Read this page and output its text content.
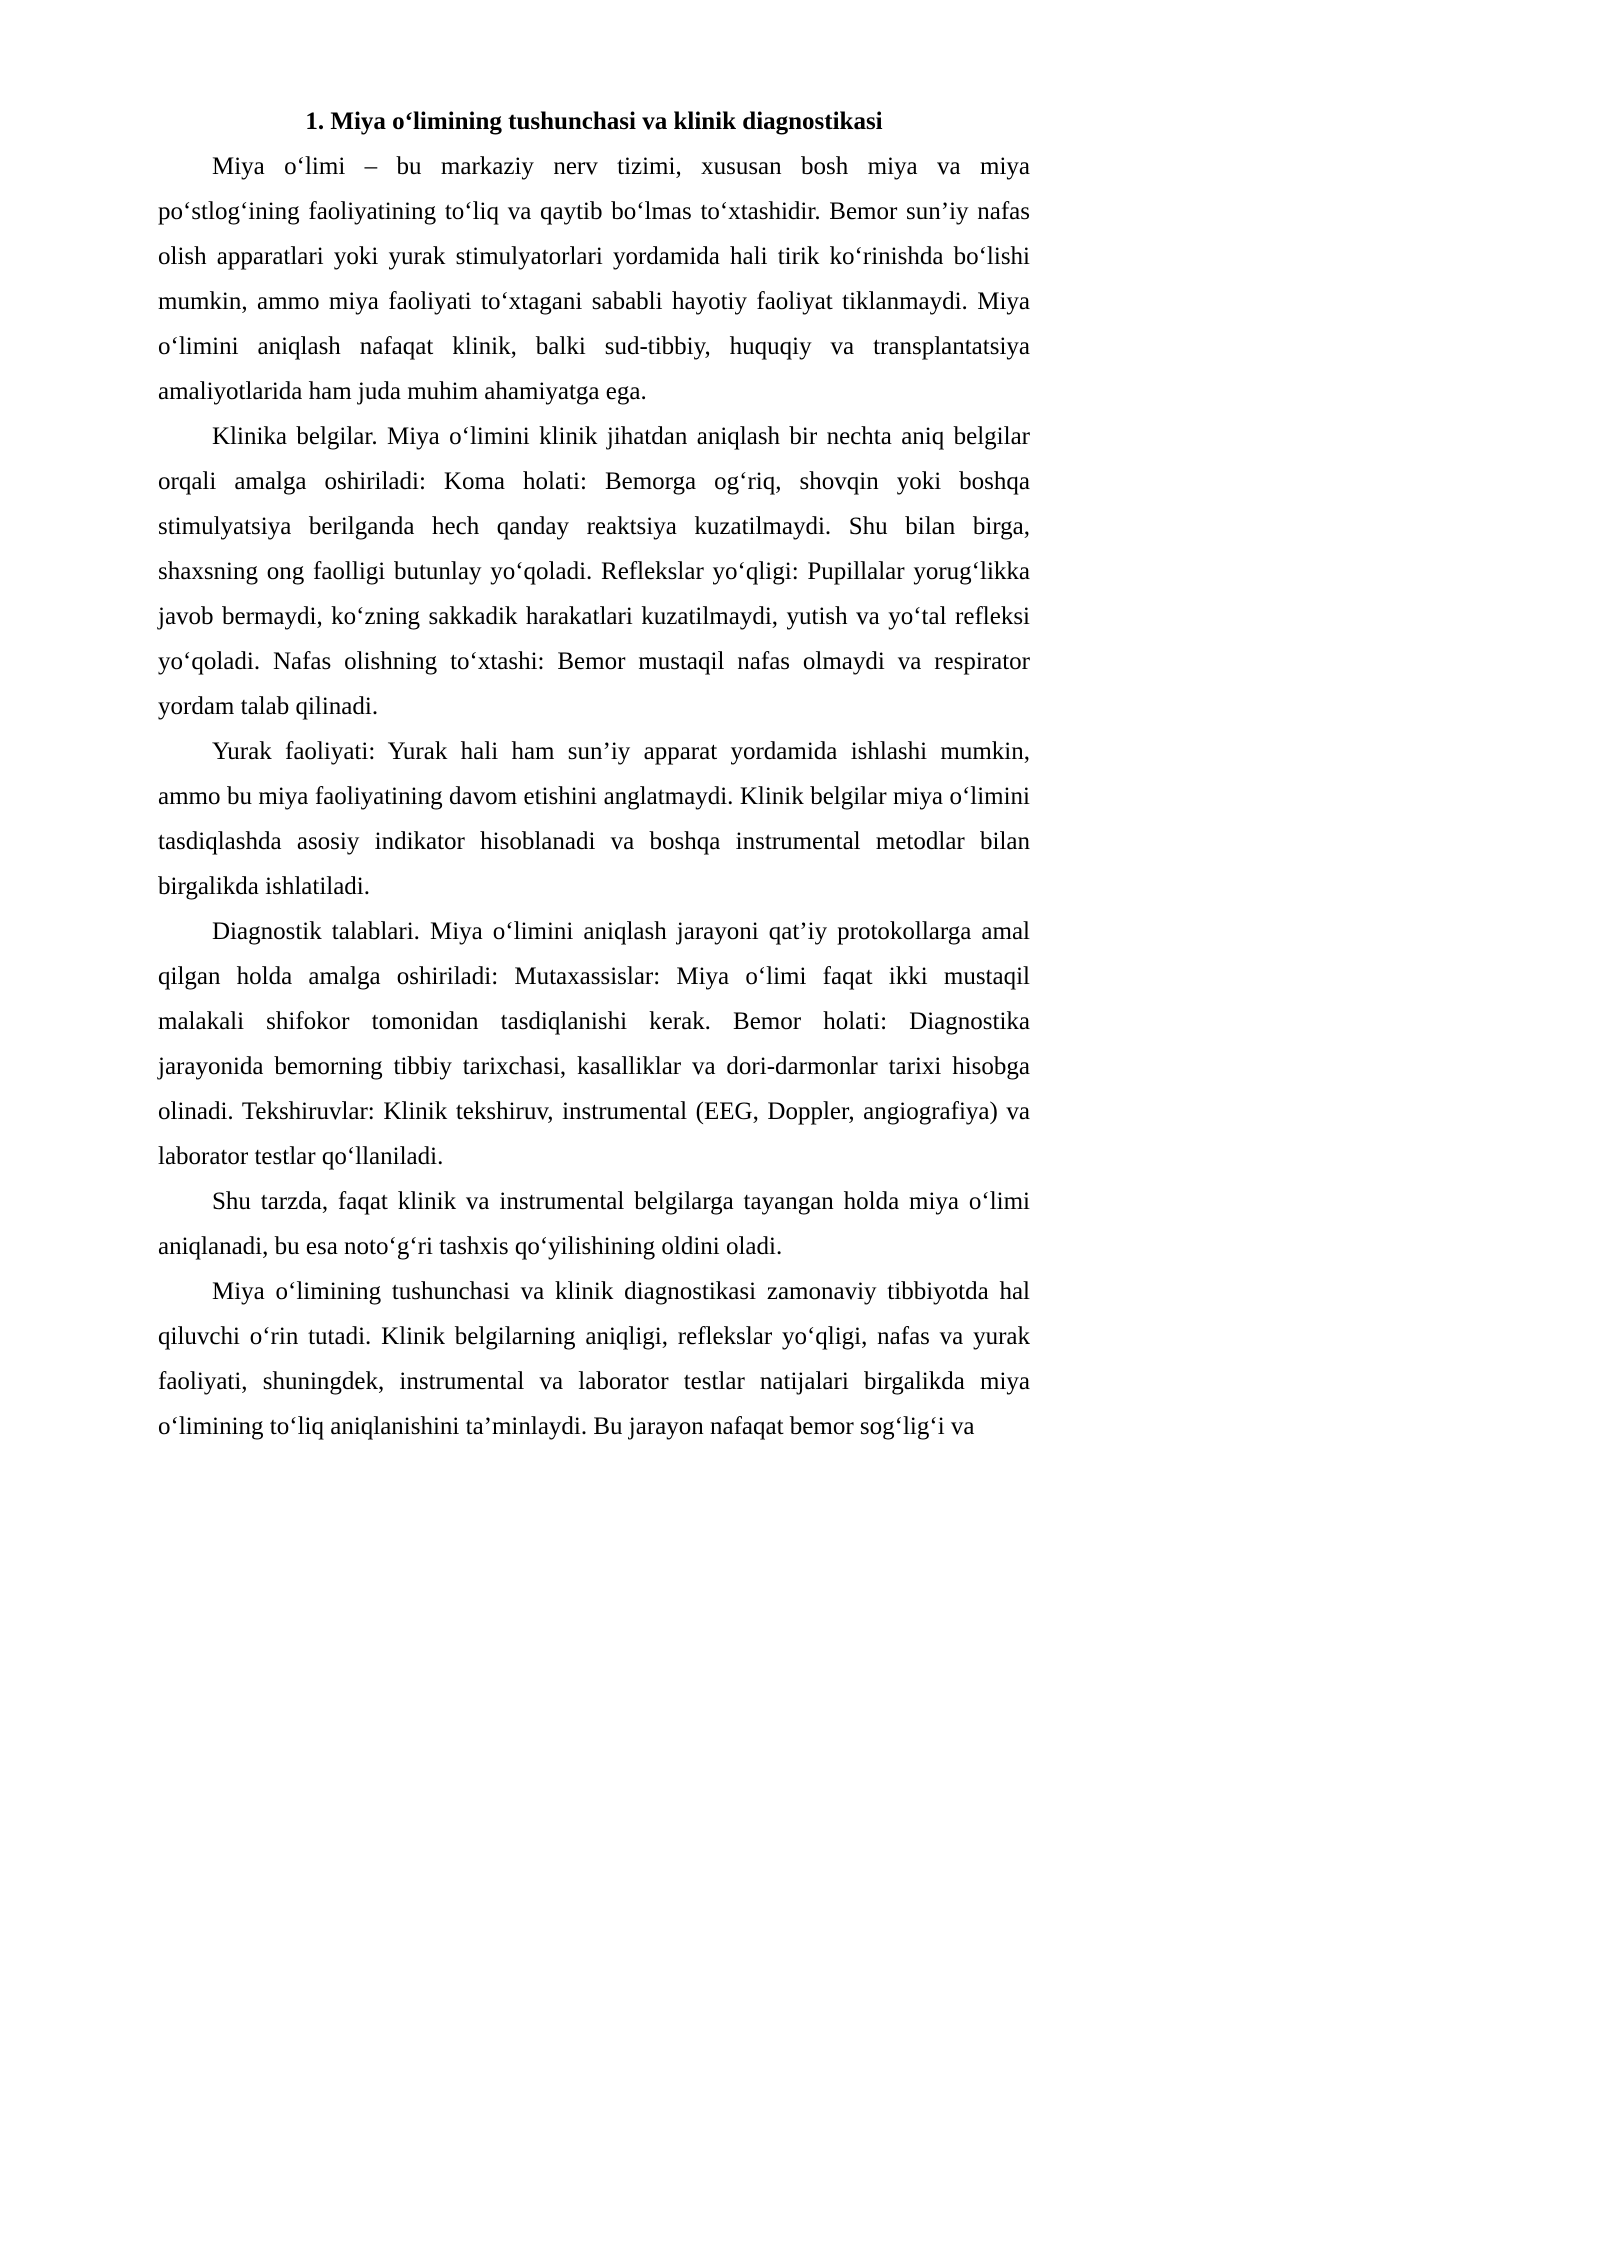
1. Miya o‘limining tushunchasi va klinik diagnostikasi

Miya o‘limi – bu markaziy nerv tizimi, xususan bosh miya va miya po‘stlog‘ining faoliyatining to‘liq va qaytib bo‘lmas to‘xtashidir. Bemor sun’iy nafas olish apparatlari yoki yurak stimulyatorlari yordamida hali tirik ko‘rinishda bo‘lishi mumkin, ammo miya faoliyati to‘xtagani sababli hayotiy faoliyat tiklanmaydi. Miya o‘limini aniqlash nafaqat klinik, balki sud-tibbiy, huquqiy va transplantatsiya amaliyotlarida ham juda muhim ahamiyatga ega.

Klinika belgilar. Miya o‘limini klinik jihatdan aniqlash bir nechta aniq belgilar orqali amalga oshiriladi: Koma holati: Bemorga og‘riq, shovqin yoki boshqa stimulyatsiya berilganda hech qanday reaktsiya kuzatilmaydi. Shu bilan birga, shaxsning ong faolligi butunlay yo‘qoladi. Reflekslar yo‘qligi: Pupillalar yorug‘likka javob bermaydi, ko‘zning sakkadik harakatlari kuzatilmaydi, yutish va yo‘tal refleksi yo‘qoladi. Nafas olishning to‘xtashi: Bemor mustaqil nafas olmaydi va respirator yordam talab qilinadi.

Yurak faoliyati: Yurak hali ham sun’iy apparat yordamida ishlashi mumkin, ammo bu miya faoliyatining davom etishini anglatmaydi. Klinik belgilar miya o‘limini tasdiqlashda asosiy indikator hisoblanadi va boshqa instrumental metodlar bilan birgalikda ishlatiladi.

Diagnostik talablari. Miya o‘limini aniqlash jarayoni qat’iy protokollarga amal qilgan holda amalga oshiriladi: Mutaxassislar: Miya o‘limi faqat ikki mustaqil malakali shifokor tomonidan tasdiqlanishi kerak. Bemor holati: Diagnostika jarayonida bemorning tibbiy tarixchasi, kasalliklar va dori-darmonlar tarixi hisobga olinadi. Tekshiruvlar: Klinik tekshiruv, instrumental (EEG, Doppler, angiografiya) va laborator testlar qo‘llaniladi.

Shu tarzda, faqat klinik va instrumental belgilarga tayangan holda miya o‘limi aniqlanadi, bu esa noto‘g‘ri tashxis qo‘yilishining oldini oladi.

Miya o‘limining tushunchasi va klinik diagnostikasi zamonaviy tibbiyotda hal qiluvchi o‘rin tutadi. Klinik belgilarning aniqligi, reflekslar yo‘qligi, nafas va yurak faoliyati, shuningdek, instrumental va laborator testlar natijalari birgalikda miya o‘limining to‘liq aniqlanishini ta’minlaydi. Bu jarayon nafaqat bemor sog‘lig‘i va
